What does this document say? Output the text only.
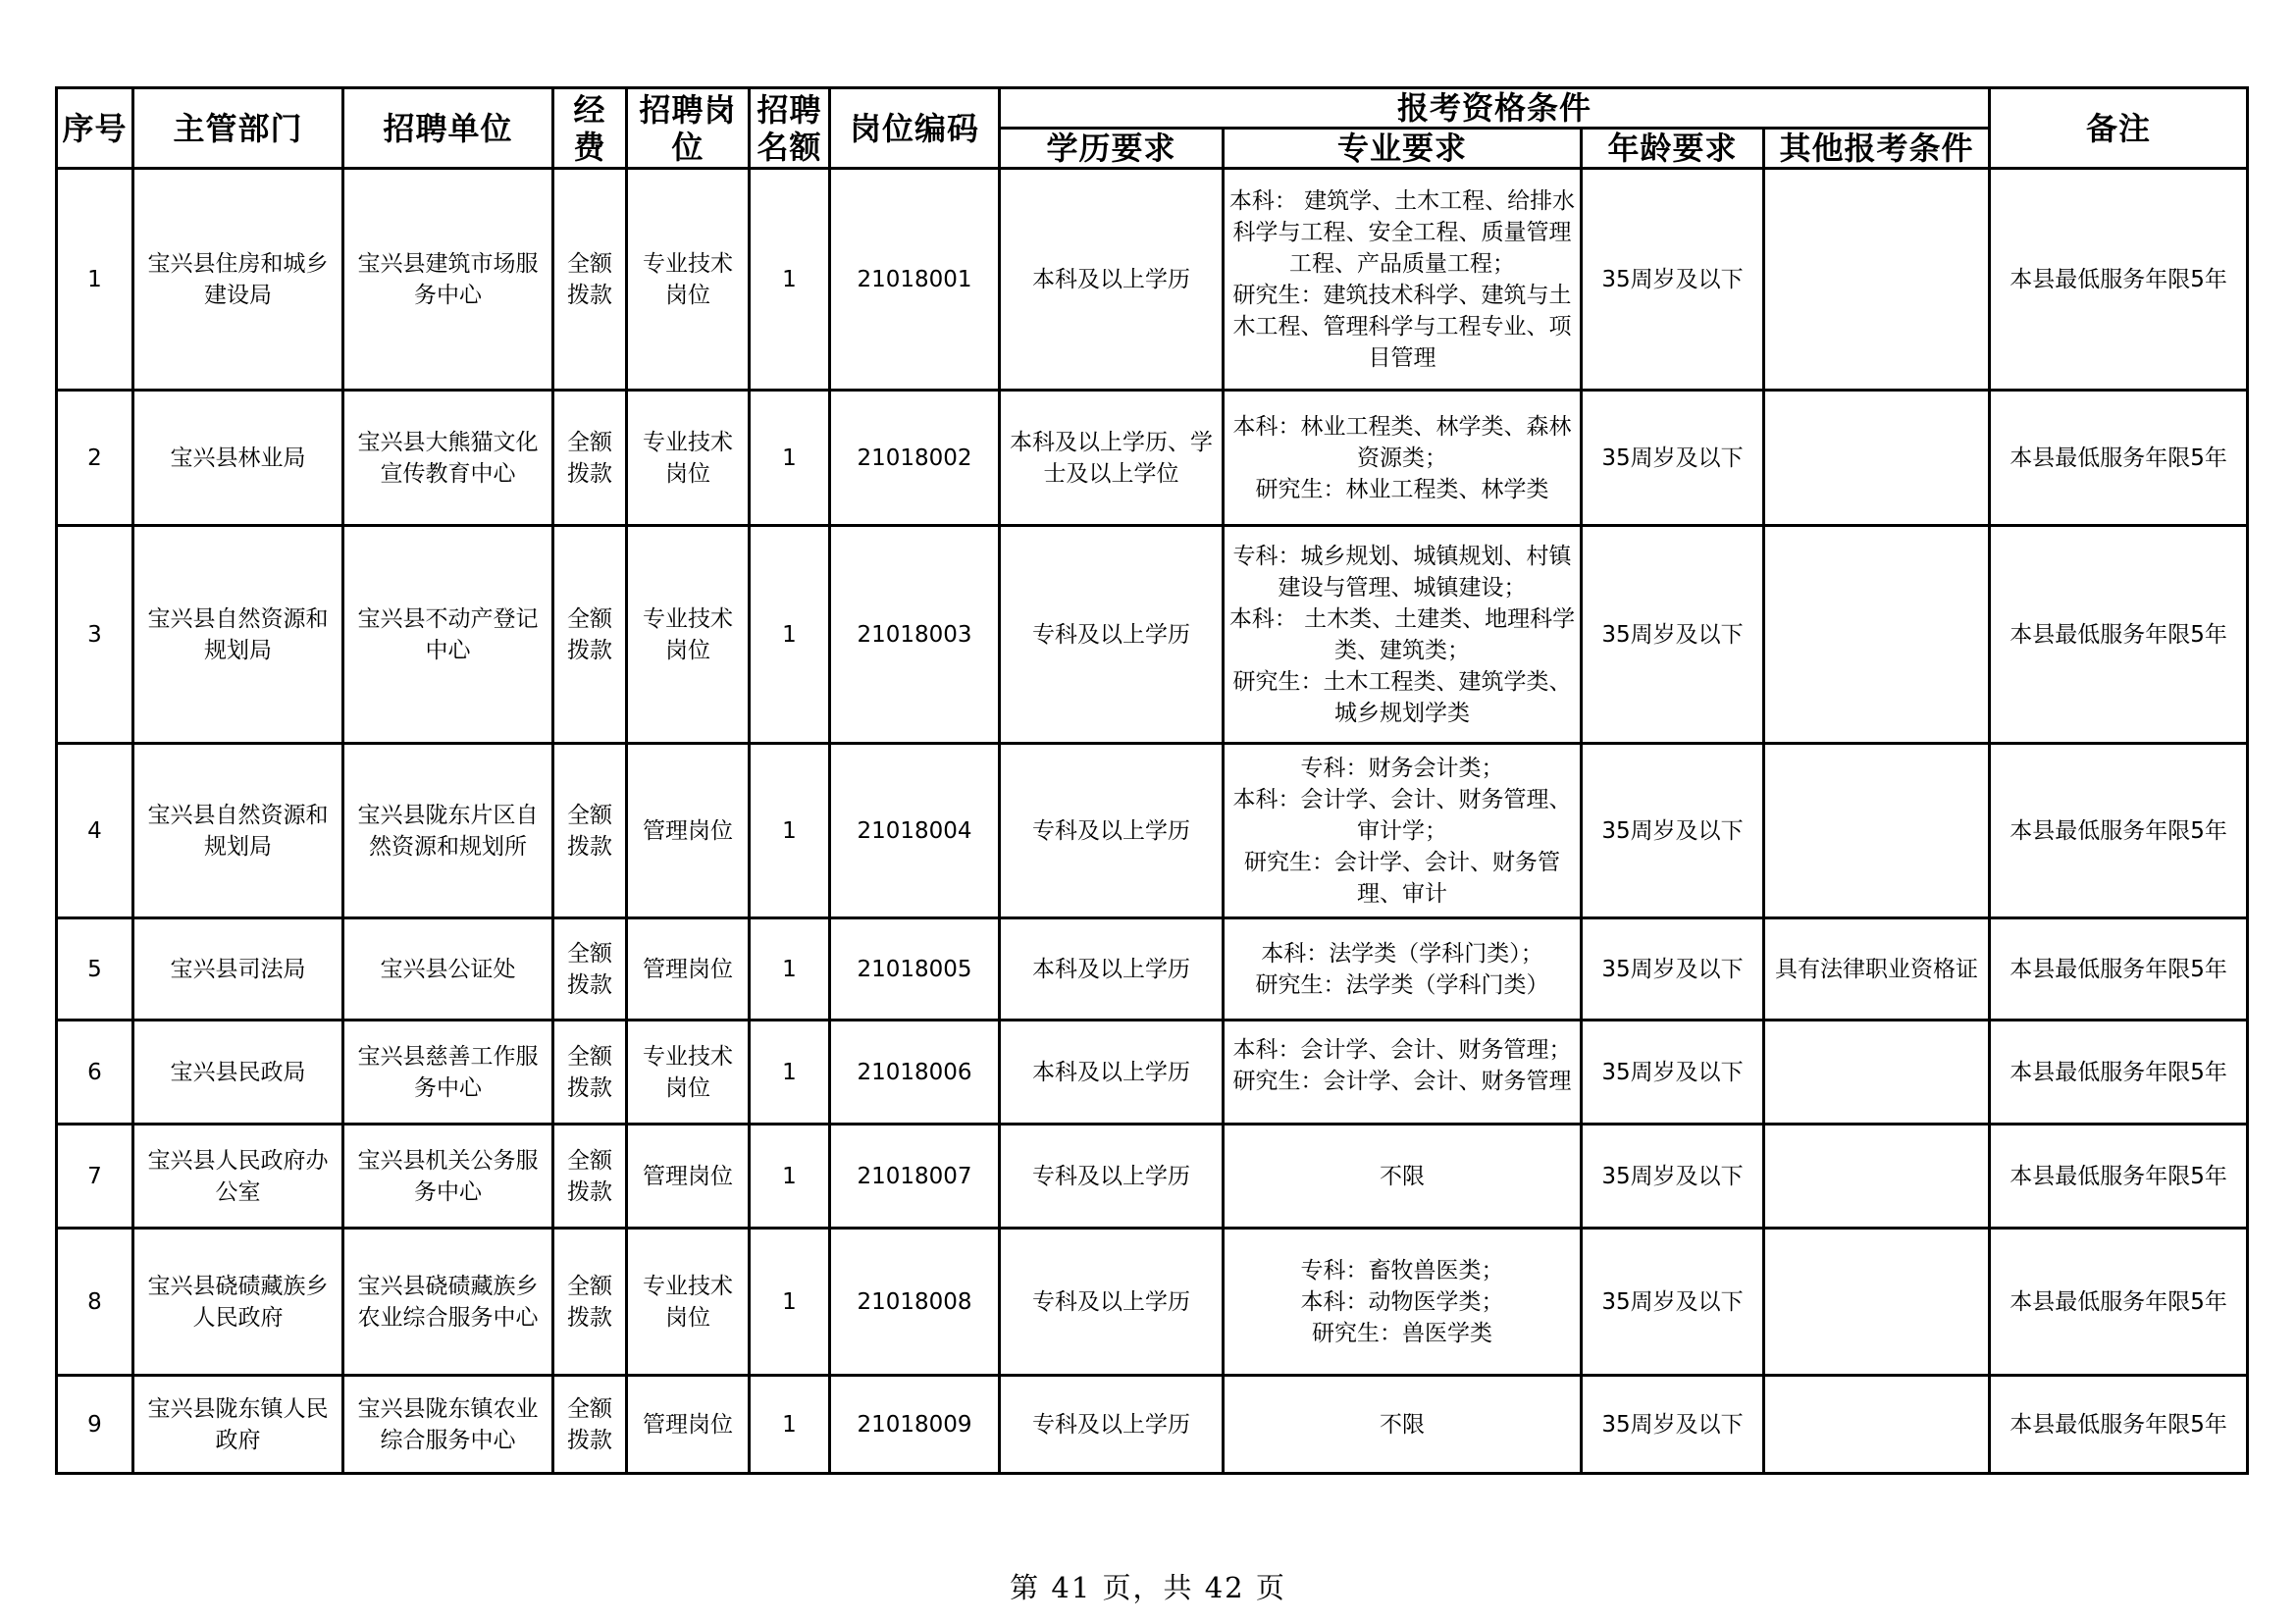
序号	主管部门	招聘单位	经费	招聘岗位	招聘名额	岗位编码	报考资格条件				备注
							学历要求	专业要求	年龄要求	其他报考条件	
1	宝兴县住房和城乡建设局	宝兴县建筑市场服务中心	全额拨款	专业技术岗位	1	21018001	本科及以上学历	本科： 建筑学、土木工程、给排水科学与工程、安全工程、质量管理工程、产品质量工程；
研究生：建筑技术科学、建筑与土木工程、管理科学与工程专业、项目管理	35周岁及以下		本县最低服务年限5年
2	宝兴县林业局	宝兴县大熊猫文化宣传教育中心	全额拨款	专业技术岗位	1	21018002	本科及以上学历、学士及以上学位	本科：林业工程类、林学类、森林资源类；
研究生：林业工程类、林学类	35周岁及以下		本县最低服务年限5年
3	宝兴县自然资源和规划局	宝兴县不动产登记中心	全额拨款	专业技术岗位	1	21018003	专科及以上学历	专科：城乡规划、城镇规划、村镇建设与管理、城镇建设；
本科： 土木类、土建类、地理科学类、建筑类；
研究生：土木工程类、建筑学类、城乡规划学类	35周岁及以下		本县最低服务年限5年
4	宝兴县自然资源和规划局	宝兴县陇东片区自然资源和规划所	全额拨款	管理岗位	1	21018004	专科及以上学历	专科：财务会计类；
本科：会计学、会计、财务管理、审计学；
研究生：会计学、会计、财务管理、审计	35周岁及以下		本县最低服务年限5年
5	宝兴县司法局	宝兴县公证处	全额拨款	管理岗位	1	21018005	本科及以上学历	本科：法学类（学科门类）；
研究生：法学类（学科门类）	35周岁及以下	具有法律职业资格证	本县最低服务年限5年
6	宝兴县民政局	宝兴县慈善工作服务中心	全额拨款	专业技术岗位	1	21018006	本科及以上学历	本科：会计学、会计、财务管理；
研究生：会计学、会计、财务管理	35周岁及以下		本县最低服务年限5年
7	宝兴县人民政府办公室	宝兴县机关公务服务中心	全额拨款	管理岗位	1	21018007	专科及以上学历	不限	35周岁及以下		本县最低服务年限5年
8	宝兴县硗碛藏族乡人民政府	宝兴县硗碛藏族乡农业综合服务中心	全额拨款	专业技术岗位	1	21018008	专科及以上学历	专科：畜牧兽医类；
本科：动物医学类；
研究生：兽医学类	35周岁及以下		本县最低服务年限5年
9	宝兴县陇东镇人民政府	宝兴县陇东镇农业综合服务中心	全额拨款	管理岗位	1	21018009	专科及以上学历	不限	35周岁及以下		本县最低服务年限5年
第 41 页，共 42 页
